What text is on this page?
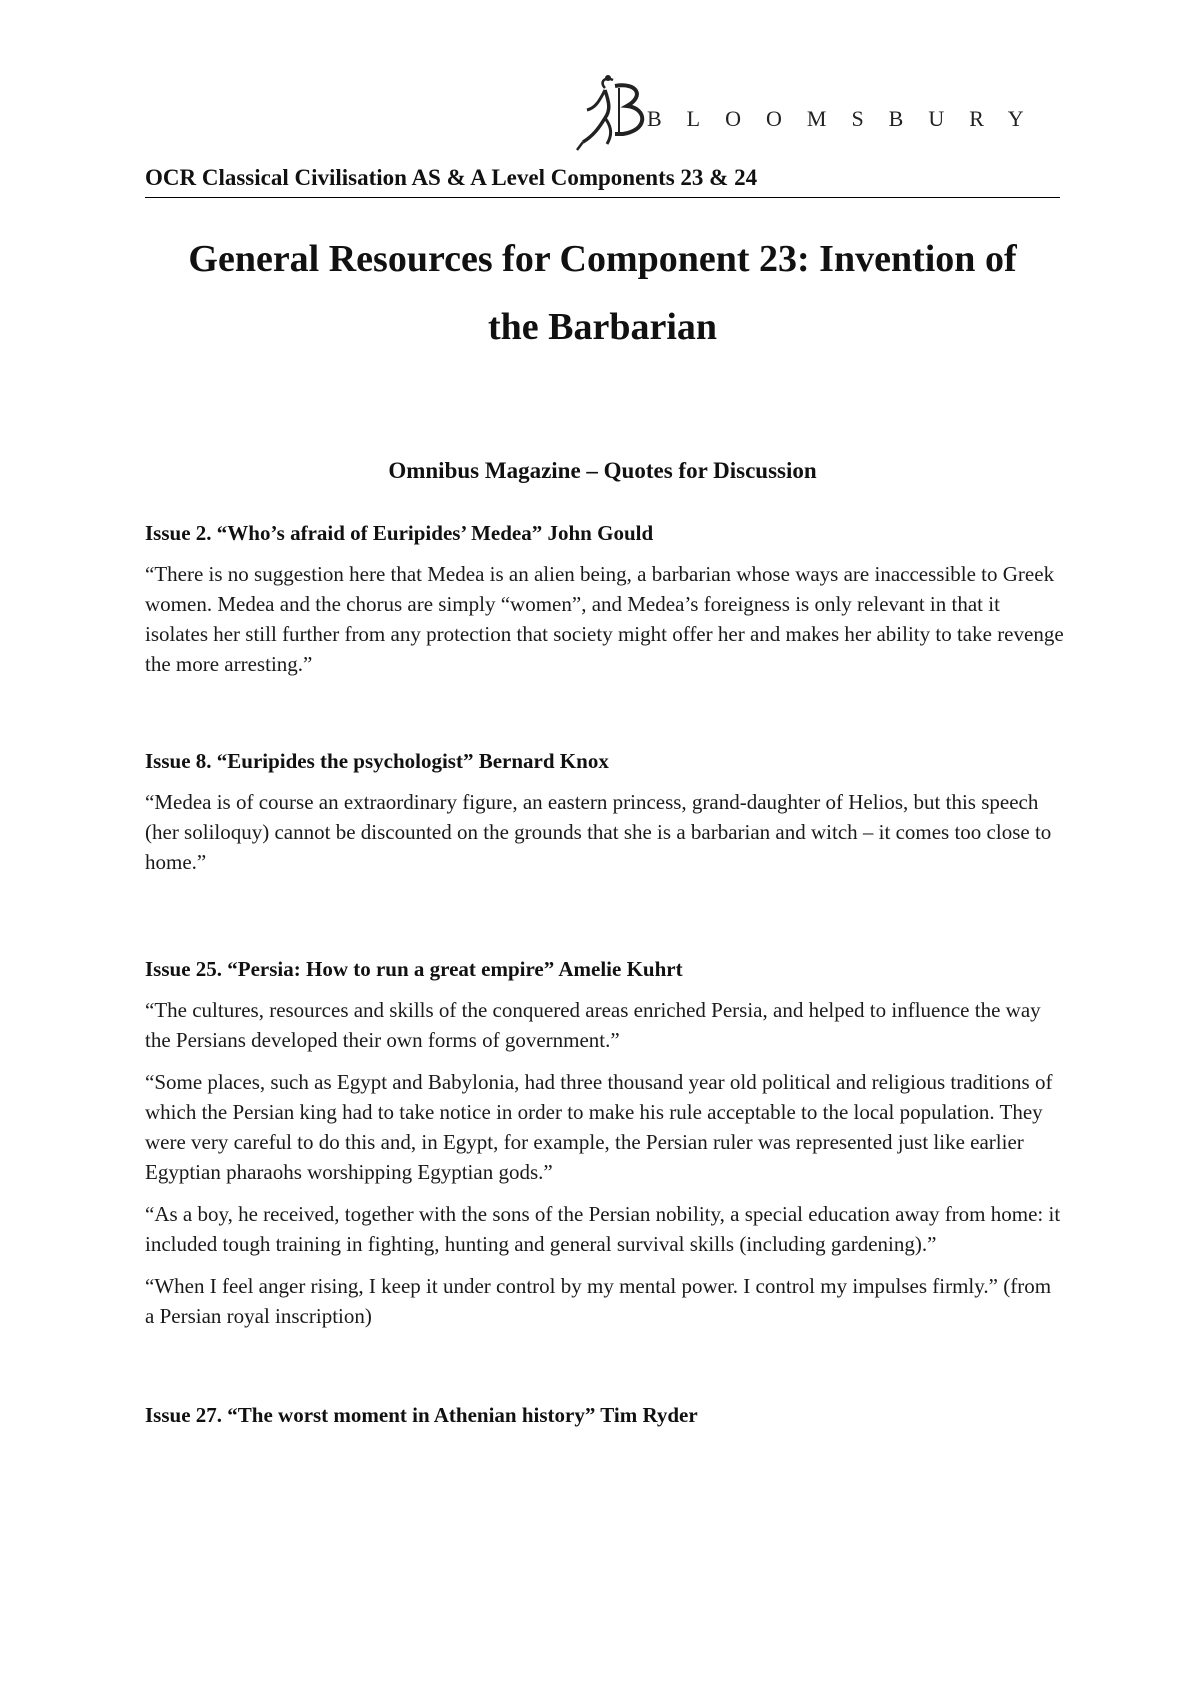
BLOOMSBURY
OCR Classical Civilisation AS & A Level Components 23 & 24
General Resources for Component 23: Invention of
the Barbarian
Omnibus Magazine – Quotes for Discussion

Issue 2. “Who’s afraid of Euripides’ Medea” John Gould

“There is no suggestion here that Medea is an alien being, a barbarian whose ways are inaccessible to Greek women. Medea and the chorus are simply “women”, and Medea’s foreigness is only relevant in that it isolates her still further from any protection that society might offer her and makes her ability to take revenge the more arresting.”

Issue 8. “Euripides the psychologist” Bernard Knox

“Medea is of course an extraordinary figure, an eastern princess, grand-daughter of Helios, but this speech (her soliloquy) cannot be discounted on the grounds that she is a barbarian and witch – it comes too close to home.”

Issue 25. “Persia: How to run a great empire” Amelie Kuhrt

“The cultures, resources and skills of the conquered areas enriched Persia, and helped to influence the way the Persians developed their own forms of government.”

“Some places, such as Egypt and Babylonia, had three thousand year old political and religious traditions of which the Persian king had to take notice in order to make his rule acceptable to the local population. They were very careful to do this and, in Egypt, for example, the Persian ruler was represented just like earlier Egyptian pharaohs worshipping Egyptian gods.”

“As a boy, he received, together with the sons of the Persian nobility, a special education away from home: it included tough training in fighting, hunting and general survival skills (including gardening).”

“When I feel anger rising, I keep it under control by my mental power. I control my impulses firmly.” (from a Persian royal inscription)

Issue 27. “The worst moment in Athenian history” Tim Ryder
